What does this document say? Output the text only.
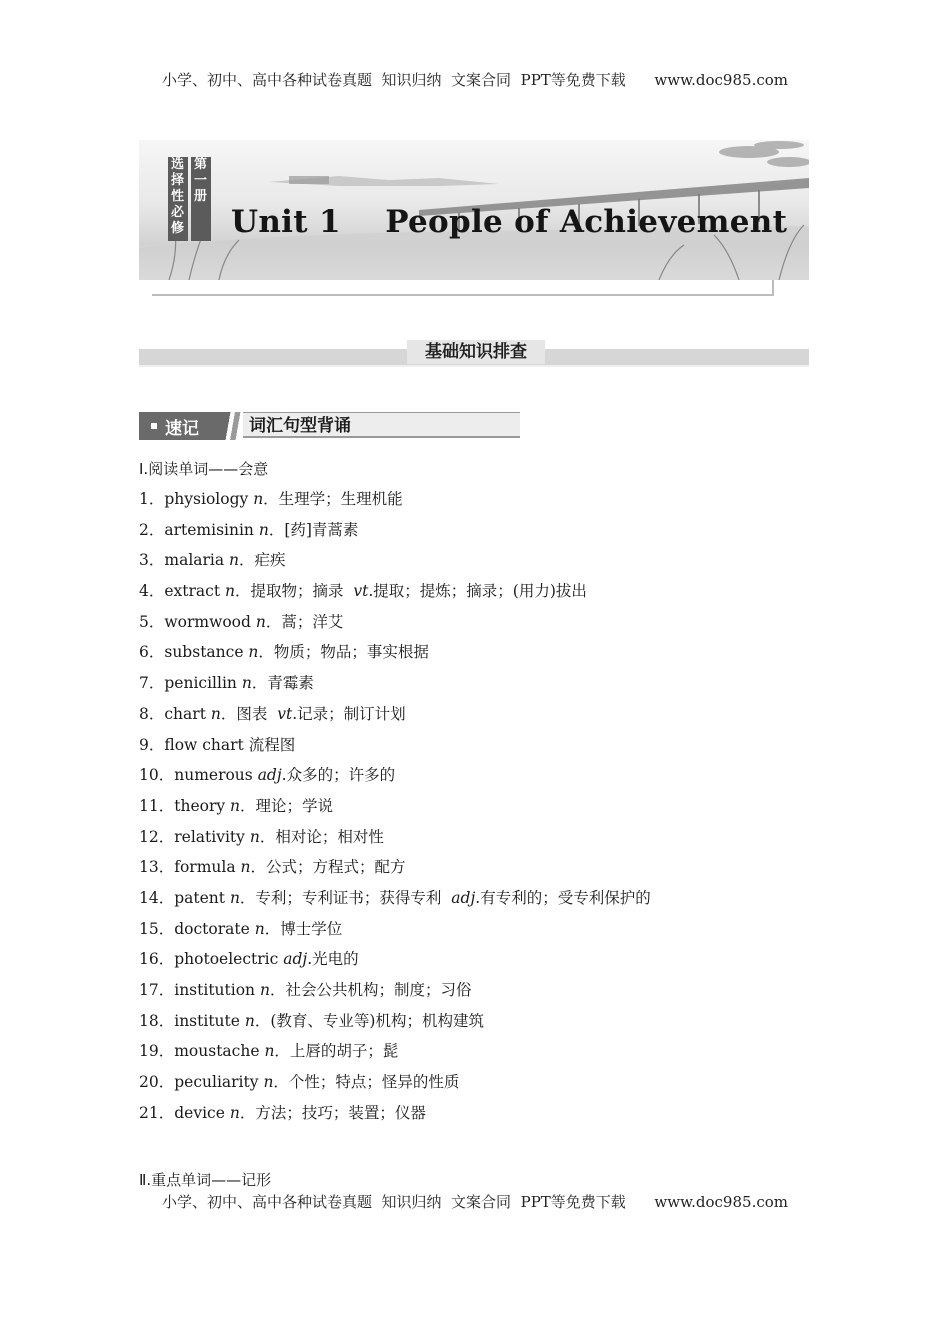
小学、初中、高中各种试卷真题  知识归纳  文案合同  PPT等免费下载      www.doc985.com
选
择
性
必
修
第
一
册
Unit 1    People of Achievement
基础知识排查
速记	词汇句型背诵
Ⅰ.阅读单词——会意
1．physiology n．生理学；生理机能
2．artemisinin n．[药]青蒿素
3．malaria n．疟疾
4．extract n．提取物；摘录  vt.提取；提炼；摘录；(用力)拔出
5．wormwood n．蒿；洋艾
6．substance n．物质；物品；事实根据
7．penicillin n．青霉素
8．chart n．图表  vt.记录；制订计划
9．flow chart 流程图
10．numerous adj.众多的；许多的
11．theory n．理论；学说
12．relativity n．相对论；相对性
13．formula n．公式；方程式；配方
14．patent n．专利；专利证书；获得专利  adj.有专利的；受专利保护的
15．doctorate n．博士学位
16．photoelectric adj.光电的
17．institution n．社会公共机构；制度；习俗
18．institute n．(教育、专业等)机构；机构建筑
19．moustache n．上唇的胡子；髭
20．peculiarity n．个性；特点；怪异的性质
21．device n．方法；技巧；装置；仪器
Ⅱ.重点单词——记形
小学、初中、高中各种试卷真题  知识归纳  文案合同  PPT等免费下载      www.doc985.com
